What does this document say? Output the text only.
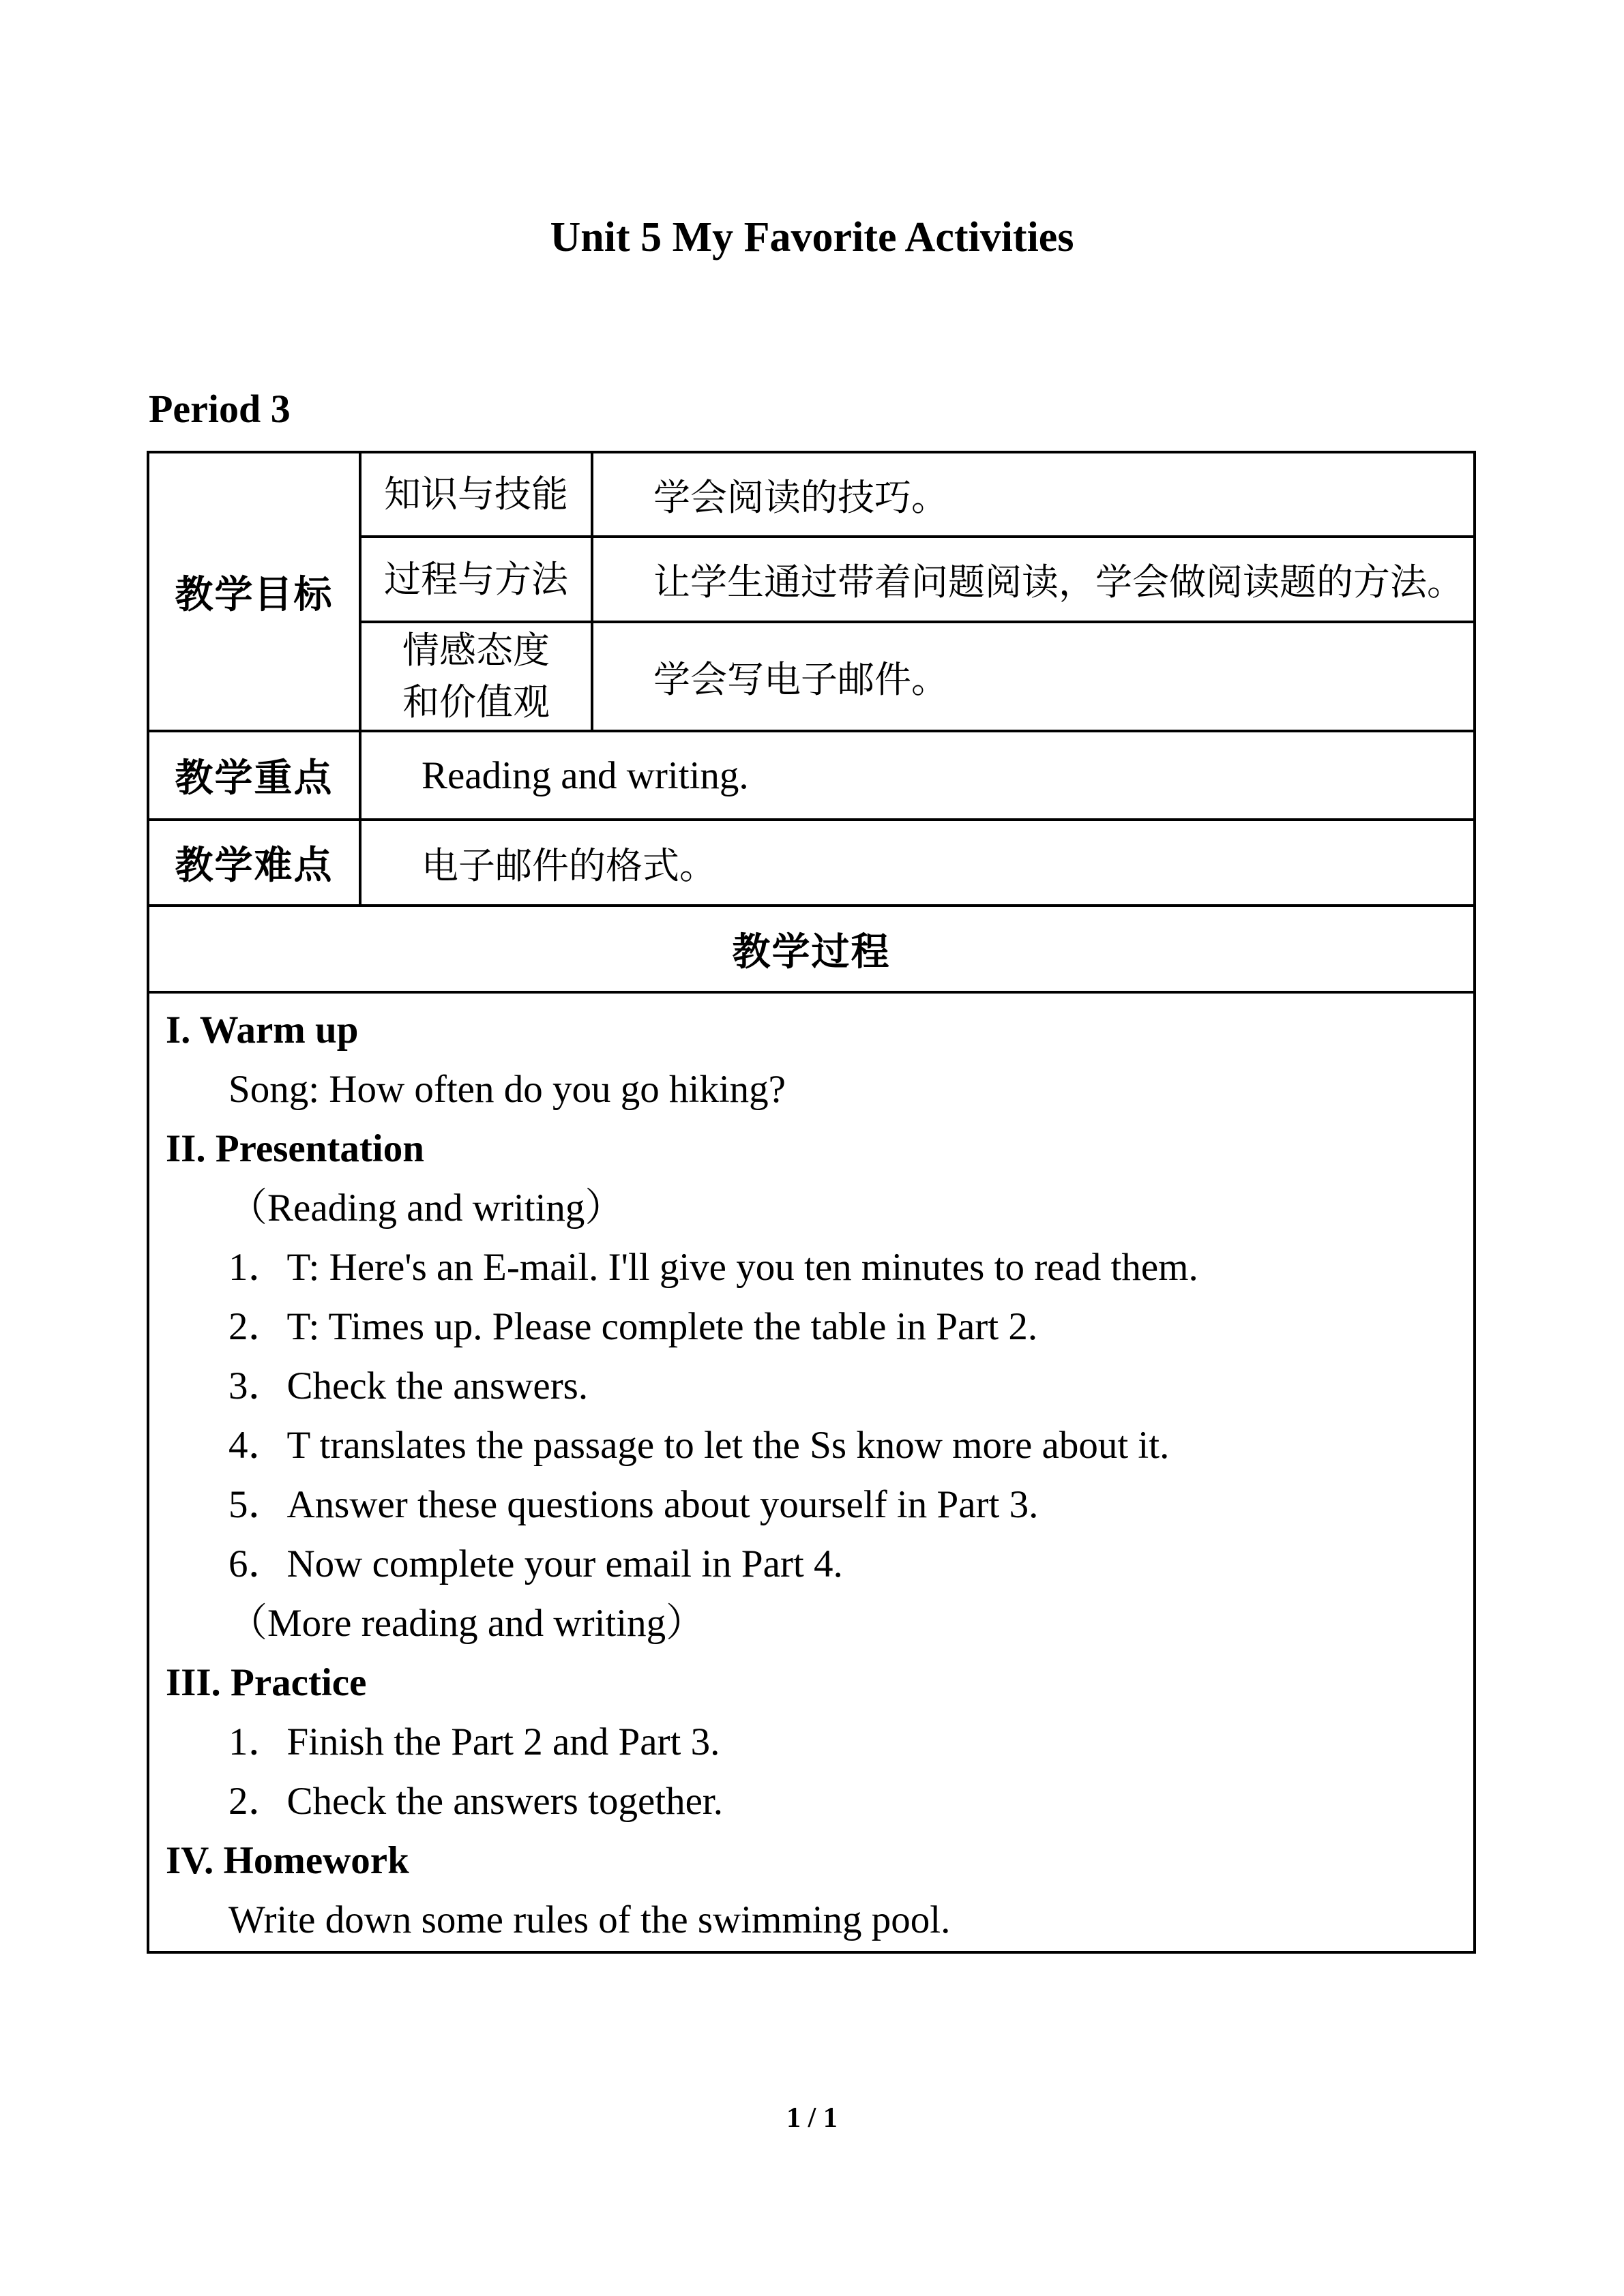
Unit 5 My Favorite Activities
Period 3
教学目标	知识与技能	学会阅读的技巧。
	过程与方法	让学生通过带着问题阅读，学会做阅读题的方法。

	情感态度
和价值观	学会写电子邮件。
教学重点	Reading and writing.	
教学难点	电子邮件的格式。	
教学过程		

I. Warm up
Song: How often do you go hiking?
II. Presentation
（Reading and writing）
1．T: Here's an E-mail. I'll give you ten minutes to read them.
2．T: Times up. Please complete the table in Part 2.
3．Check the answers.
4．T translates the passage to let the Ss know more about it.
5．Answer these questions about yourself in Part 3.
6．Now complete your email in Part 4.
（More reading and writing）
III. Practice
1．Finish the Part 2 and Part 3.
2．Check the answers together.
IV. Homework
Write down some rules of the swimming pool.
1 / 1
